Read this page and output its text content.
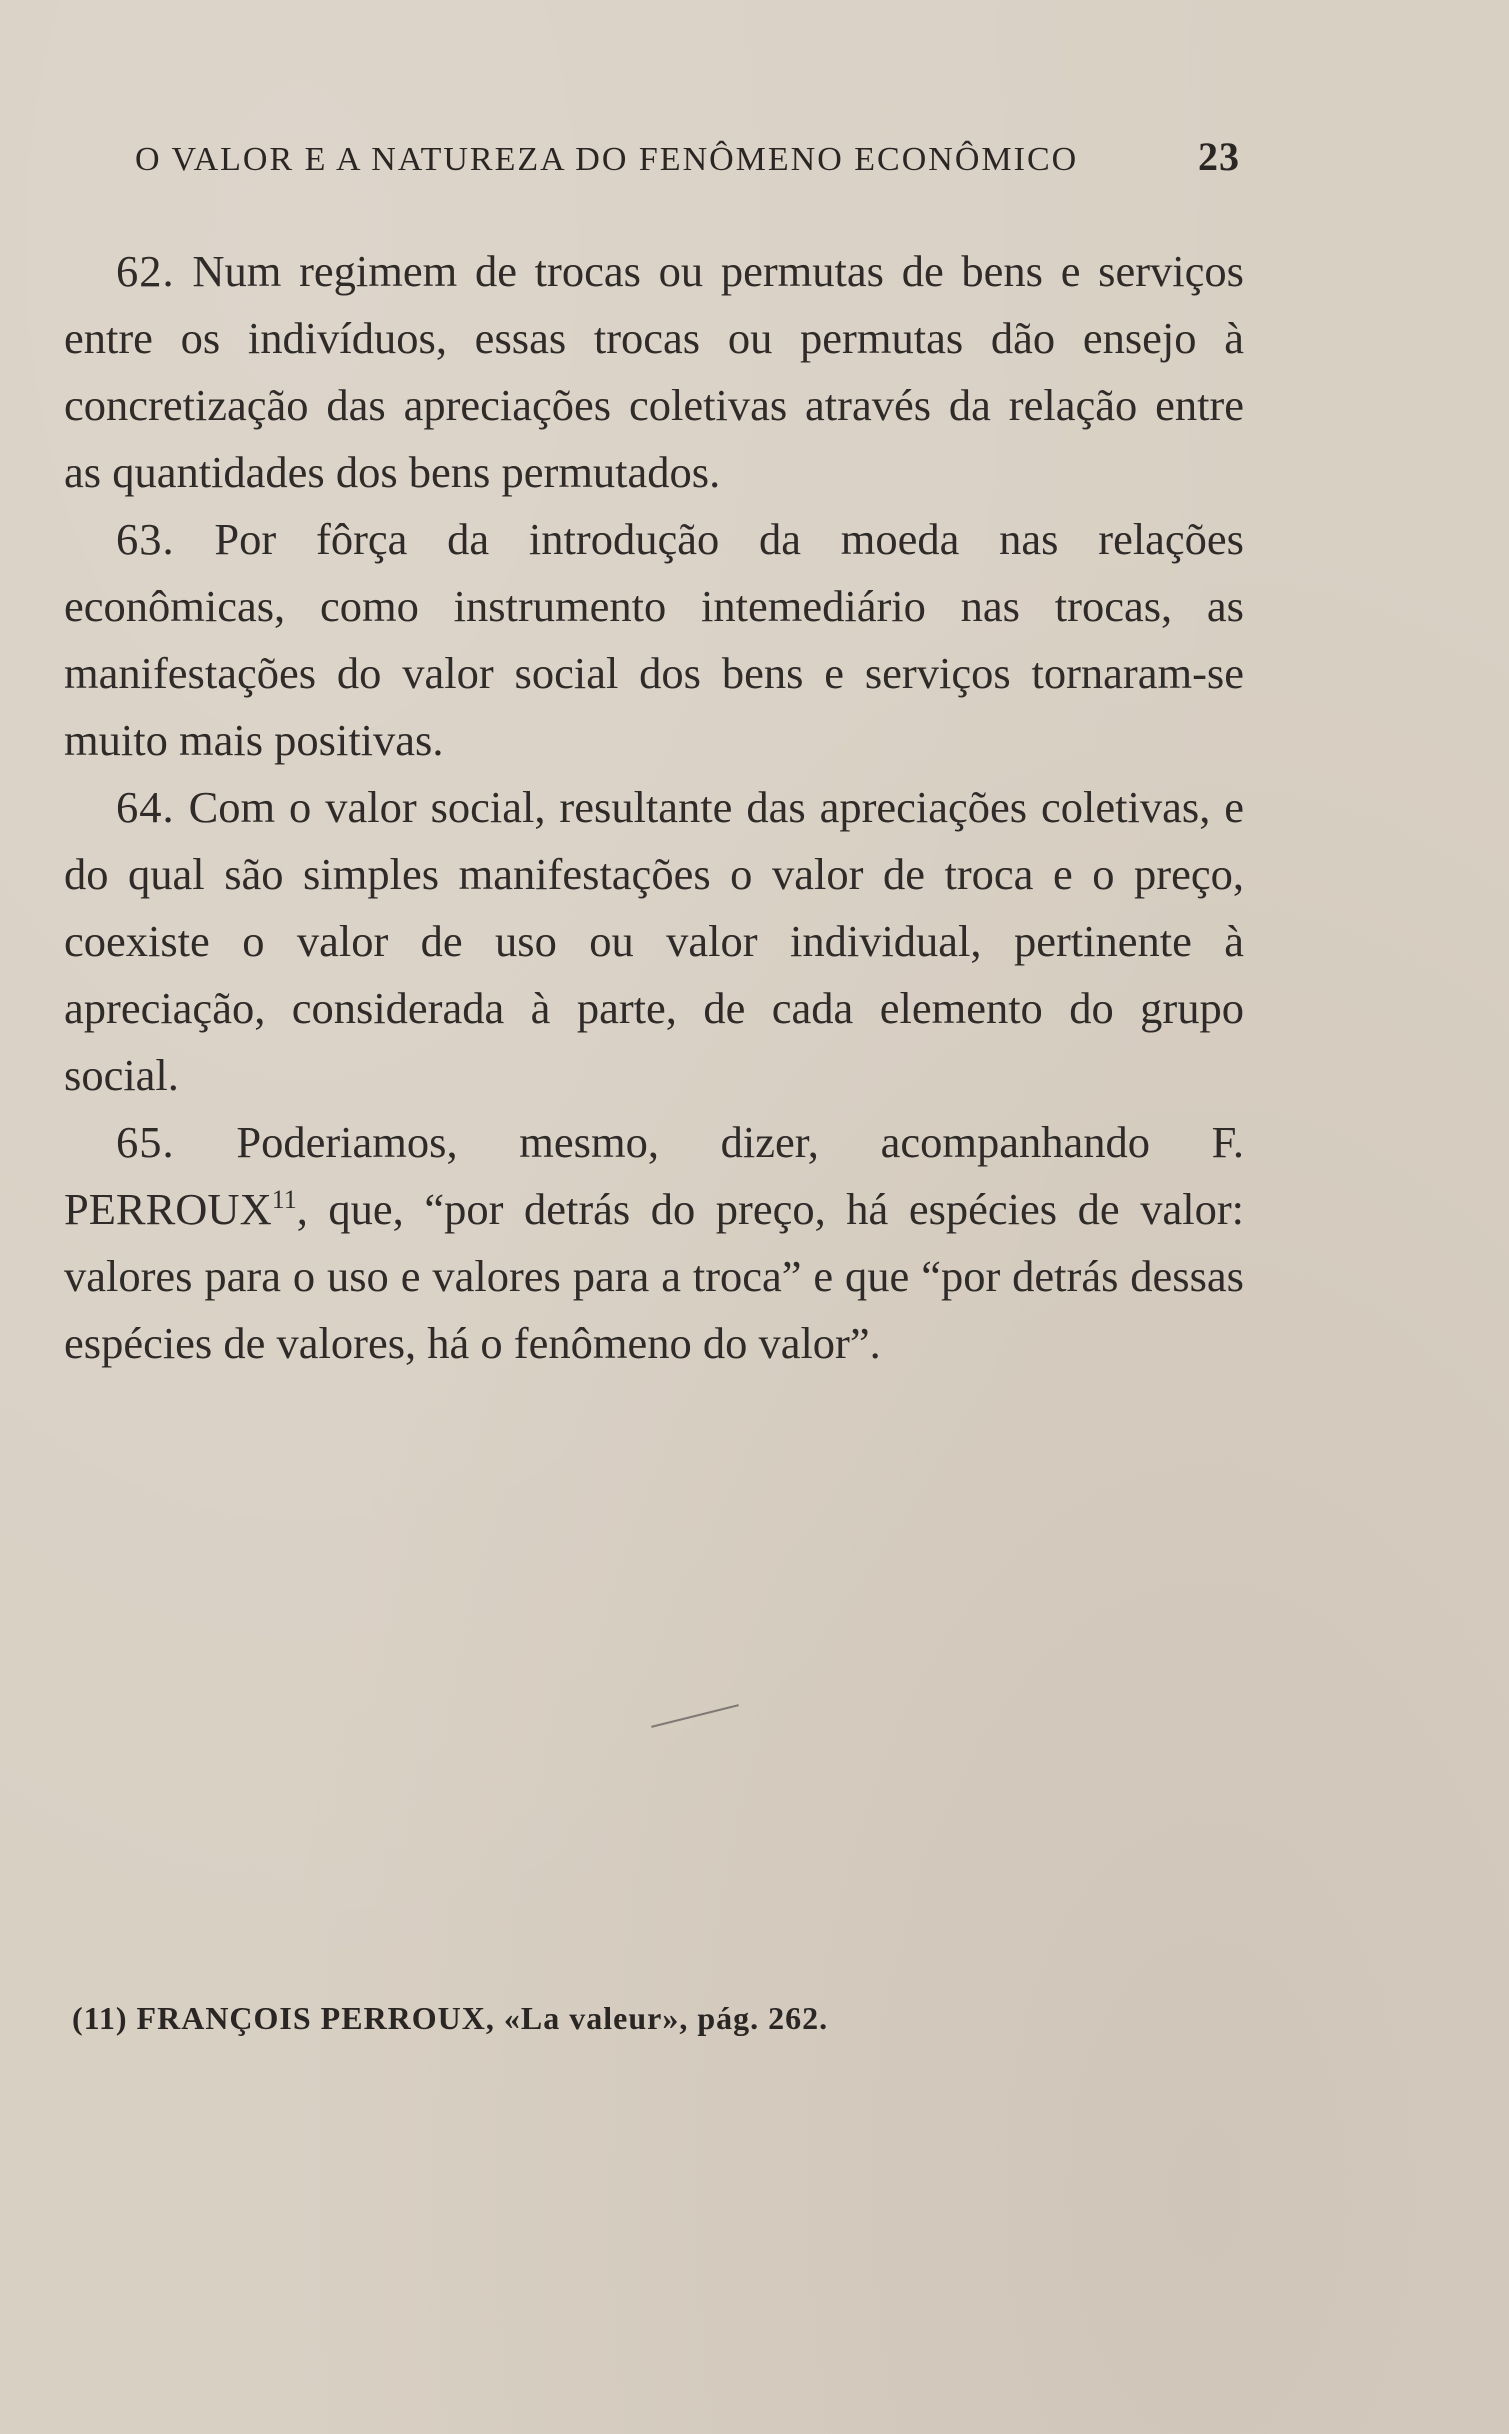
O VALOR E A NATUREZA DO FENÔMENO ECONÔMICO	23

62. Num regimem de trocas ou permutas de bens e serviços entre os indivíduos, essas trocas ou permutas dão ensejo à concretização das apreciações coletivas através da relação entre as quantidades dos bens permutados.

63. Por fôrça da introdução da moeda nas relações econômicas, como instrumento intemediário nas trocas, as manifestações do valor social dos bens e serviços tornaram-se muito mais positivas.

64. Com o valor social, resultante das apreciações coletivas, e do qual são simples manifestações o valor de troca e o preço, coexiste o valor de uso ou valor individual, pertinente à apreciação, considerada à parte, de cada elemento do grupo social.

65. Poderiamos, mesmo, dizer, acompanhando F. PERROUX$^{11}$, que, “por detrás do preço, há espécies de valor: valores para o uso e valores para a troca” e que “por detrás dessas espécies de valores, há o fenômeno do valor”.

(11) FRANÇOIS PERROUX, «La valeur», pág. 262.
